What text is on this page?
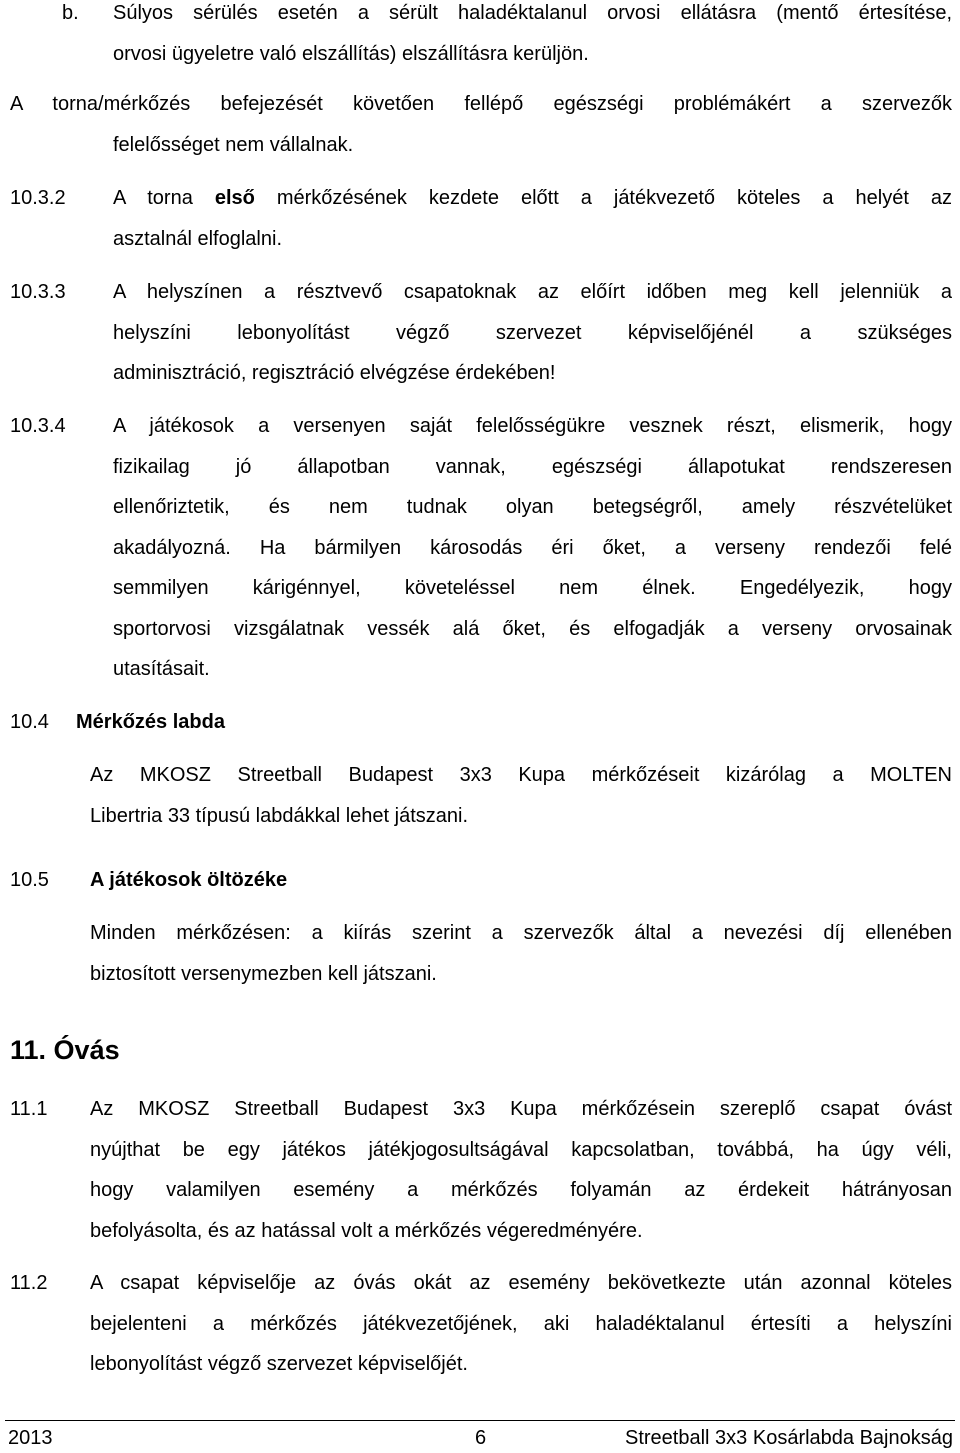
b. Súlyos sérülés esetén a sérült haladéktalanul orvosi ellátásra (mentő értesítése,
orvosi ügyeletre való elszállítás) elszállításra kerüljön.
A torna/mérkőzés befejezését követően fellépő egészségi problémákért a szervezők
felelősséget nem vállalnak.
10.3.2 A torna első mérkőzésének kezdete előtt a játékvezető köteles a helyét az
asztalnál elfoglalni.
10.3.3 A helyszínen a résztvevő csapatoknak az előírt időben meg kell jelenniük a
helyszíni lebonyolítást végző szervezet képviselőjénél a szükséges
adminisztráció, regisztráció elvégzése érdekében!
10.3.4 A játékosok a versenyen saját felelősségükre vesznek részt, elismerik, hogy
fizikailag jó állapotban vannak, egészségi állapotukat rendszeresen
ellenőriztetik, és nem tudnak olyan betegségről, amely részvételüket
akadályozná. Ha bármilyen károsodás éri őket, a verseny rendezői felé
semmilyen kárigénnyel, követeléssel nem élnek. Engedélyezik, hogy
sportorvosi vizsgálatnak vessék alá őket, és elfogadják a verseny orvosainak
utasításait.
10.4 Mérkőzés labda
Az MKOSZ Streetball Budapest 3x3 Kupa mérkőzéseit kizárólag a MOLTEN
Libertria 33 típusú labdákkal lehet játszani.
10.5 A játékosok öltözéke
Minden mérkőzésen: a kiírás szerint a szervezők által a nevezési díj ellenében
biztosított versenymezben kell játszani.
11. Óvás
11.1 Az MKOSZ Streetball Budapest 3x3 Kupa mérkőzésein szereplő csapat óvást
nyújthat be egy játékos játékjogosultságával kapcsolatban, továbbá, ha úgy véli,
hogy valamilyen esemény a mérkőzés folyamán az érdekeit hátrányosan
befolyásolta, és az hatással volt a mérkőzés végeredményére.
11.2 A csapat képviselője az óvás okát az esemény bekövetkezte után azonnal köteles
bejelenteni a mérkőzés játékvezetőjének, aki haladéktalanul értesíti a helyszíni
lebonyolítást végző szervezet képviselőjét.
2013	6	Streetball 3x3 Kosárlabda Bajnokság
